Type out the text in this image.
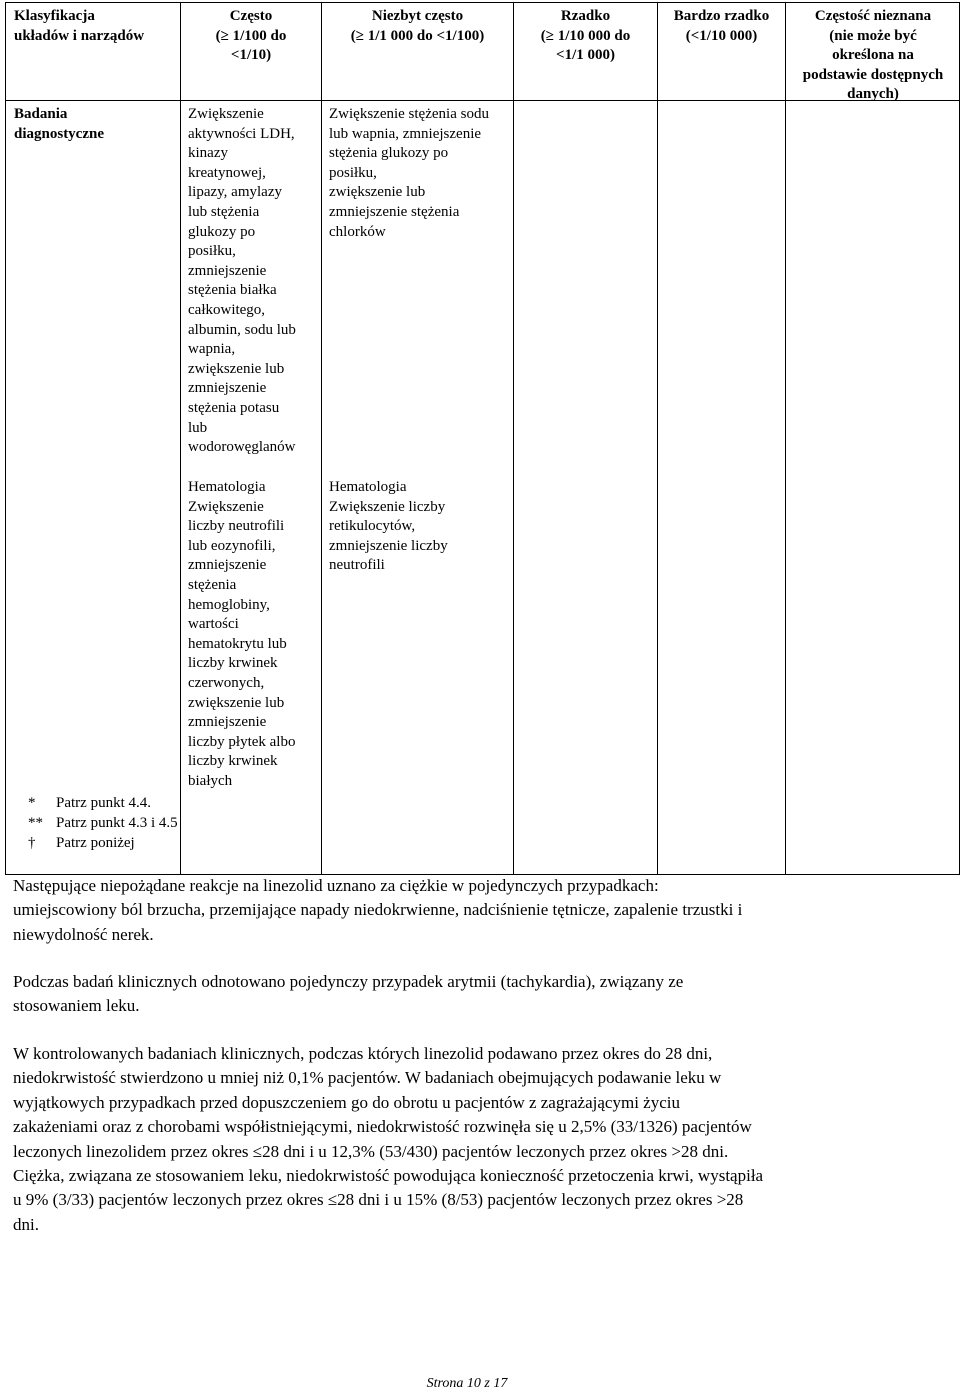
Klasyfikacja
układów i narządów
Często
(≥ 1/100 do
<1/10)
Niezbyt często
(≥ 1/1 000 do <1/100)
Rzadko
(≥ 1/10 000 do
<1/1 000)
Bardzo rzadko
(<1/10 000)
Częstość nieznana
(nie może być
określona na
podstawie dostępnych
danych)
Badania
diagnostyczne
Zwiększenie
aktywności LDH,
kinazy
kreatynowej,
lipazy, amylazy
lub stężenia
glukozy po
posiłku,
zmniejszenie
stężenia białka
całkowitego,
albumin, sodu lub
wapnia,
zwiększenie lub
zmniejszenie
stężenia potasu
lub
wodorowęglanów
Zwiększenie stężenia sodu
lub wapnia, zmniejszenie
stężenia glukozy po
posiłku,
zwiększenie lub
zmniejszenie stężenia
chlorków
Hematologia
Zwiększenie
liczby neutrofili
lub eozynofili,
zmniejszenie
stężenia
hemoglobiny,
wartości
hematokrytu lub
liczby krwinek
czerwonych,
zwiększenie lub
zmniejszenie
liczby płytek albo
liczby krwinek
białych
Hematologia
Zwiększenie liczby
retikulocytów,
zmniejszenie liczby
neutrofili
* Patrz punkt 4.4.
** Patrz punkt 4.3 i 4.5
† Patrz poniżej
Następujące niepożądane reakcje na linezolid uznano za ciężkie w pojedynczych przypadkach:
umiejscowiony ból brzucha, przemijające napady niedokrwienne, nadciśnienie tętnicze, zapalenie trzustki i
niewydolność nerek.
Podczas badań klinicznych odnotowano pojedynczy przypadek arytmii (tachykardia), związany ze
stosowaniem leku.
W kontrolowanych badaniach klinicznych, podczas których linezolid podawano przez okres do 28 dni,
niedokrwistość stwierdzono u mniej niż 0,1% pacjentów. W badaniach obejmujących podawanie leku w
wyjątkowych przypadkach przed dopuszczeniem go do obrotu u pacjentów z zagrażającymi życiu
zakażeniami oraz z chorobami współistniejącymi, niedokrwistość rozwinęła się u 2,5% (33/1326) pacjentów
leczonych linezolidem przez okres ≤28 dni i u 12,3% (53/430) pacjentów leczonych przez okres >28 dni.
Ciężka, związana ze stosowaniem leku, niedokrwistość powodująca konieczność przetoczenia krwi, wystąpiła
u 9% (3/33) pacjentów leczonych przez okres ≤28 dni i u 15% (8/53) pacjentów leczonych przez okres >28
dni.
Strona 10 z 17
